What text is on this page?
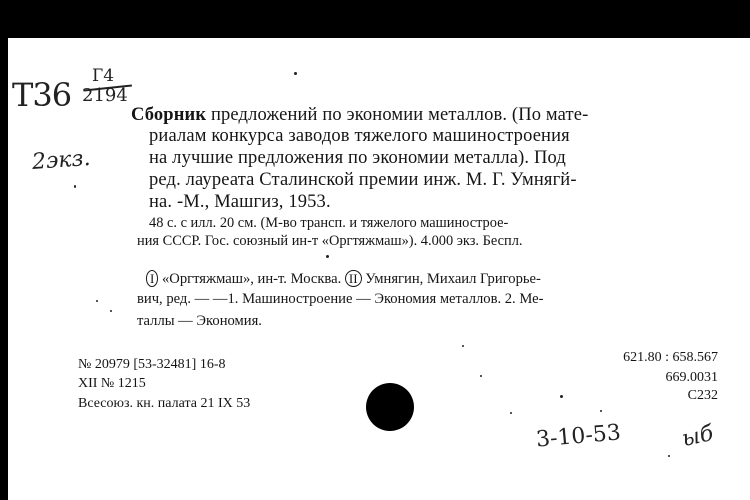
T36 Г4
2194
2экз.
Сборник предложений по экономии металлов. (По мате-
риалам конкурса заводов тяжелого машиностроения
на лучшие предложения по экономии металла). Под
ред. лауреата Сталинской премии инж. М. Г. Умнягй-
на. -М., Машгиз, 1953.
48 с. с илл. 20 см. (М-во трансп. и тяжелого машинострое-
ния СССР. Гос. союзный ин-т «Оргтяжмаш»). 4.000 экз. Беспл.
I «Оргтяжмаш», ин-т. Москва. II Умнягин, Михаил Григорье-
вич, ред. — —1. Машиностроение — Экономия металлов. 2. Ме-
таллы — Экономия.
№ 20979 [53-32481] 16-8
XII № 1215
Всесоюз. кн. палата 21 IX 53
621.80 : 658.567
669.0031
C232
3-10-53	ыб
